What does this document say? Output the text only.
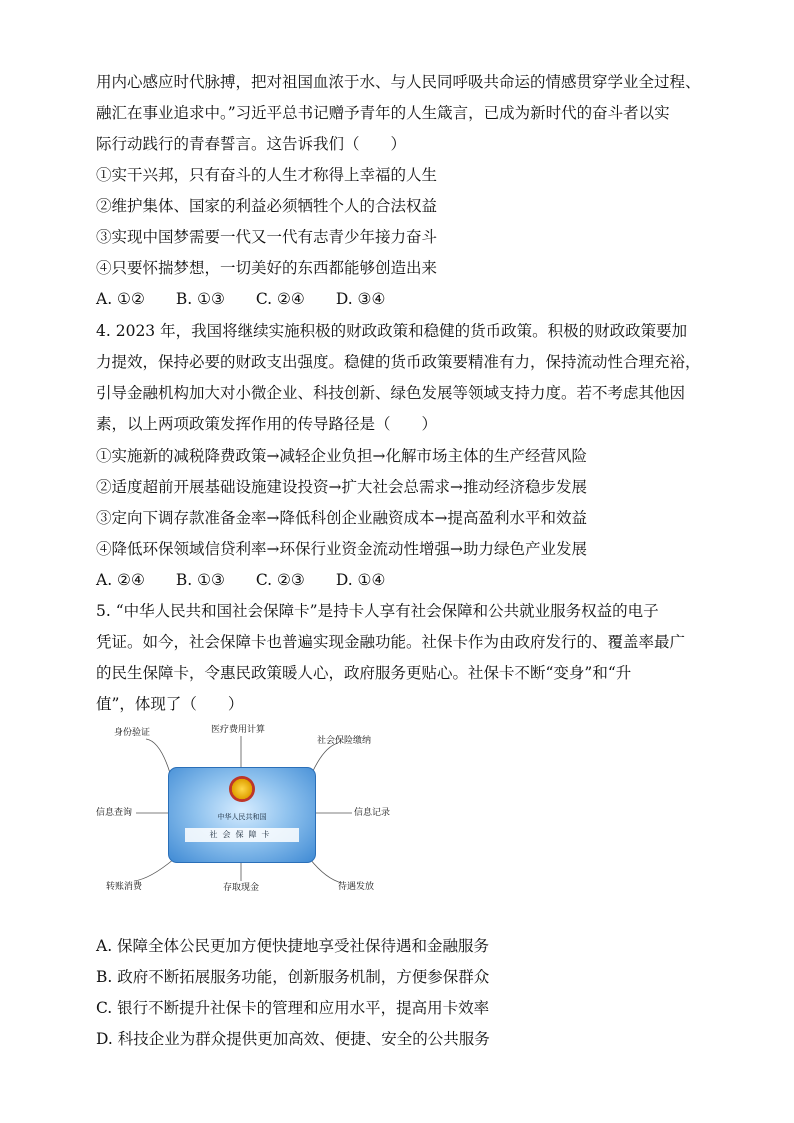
用内心感应时代脉搏，把对祖国血浓于水、与人民同呼吸共命运的情感贯穿学业全过程、
融汇在事业追求中。”习近平总书记赠予青年的人生箴言，已成为新时代的奋斗者以实
际行动践行的青春誓言。这告诉我们（　　）
①实干兴邦，只有奋斗的人生才称得上幸福的人生
②维护集体、国家的利益必须牺牲个人的合法权益
③实现中国梦需要一代又一代有志青少年接力奋斗
④只要怀揣梦想，一切美好的东西都能够创造出来
A. ①②　　B. ①③　　C. ②④　　D. ③④
4. 2023 年，我国将继续实施积极的财政政策和稳健的货币政策。积极的财政政策要加
力提效，保持必要的财政支出强度。稳健的货币政策要精准有力，保持流动性合理充裕，
引导金融机构加大对小微企业、科技创新、绿色发展等领域支持力度。若不考虑其他因
素，以上两项政策发挥作用的传导路径是（　　）
①实施新的减税降费政策→减轻企业负担→化解市场主体的生产经营风险
②适度超前开展基础设施建设投资→扩大社会总需求→推动经济稳步发展
③定向下调存款准备金率→降低科创企业融资成本→提高盈利水平和效益
④降低环保领域信贷利率→环保行业资金流动性增强→助力绿色产业发展
A. ②④　　B. ①③　　C. ②③　　D. ①④
5. “中华人民共和国社会保障卡”是持卡人享有社会保障和公共就业服务权益的电子
凭证。如今，社会保障卡也普遍实现金融功能。社保卡作为由政府发行的、覆盖率最广
的民生保障卡，令惠民政策暖人心，政府服务更贴心。社保卡不断“变身”和“升
值”，体现了（　　）
身份验证	医疗费用计算
社会保险缴纳
信息查询	信息记录
转账消费	存取现金	待遇发放
中华人民共和国
社会保障卡
A. 保障全体公民更加方便快捷地享受社保待遇和金融服务
B. 政府不断拓展服务功能，创新服务机制，方便参保群众
C. 银行不断提升社保卡的管理和应用水平，提高用卡效率
D. 科技企业为群众提供更加高效、便捷、安全的公共服务
